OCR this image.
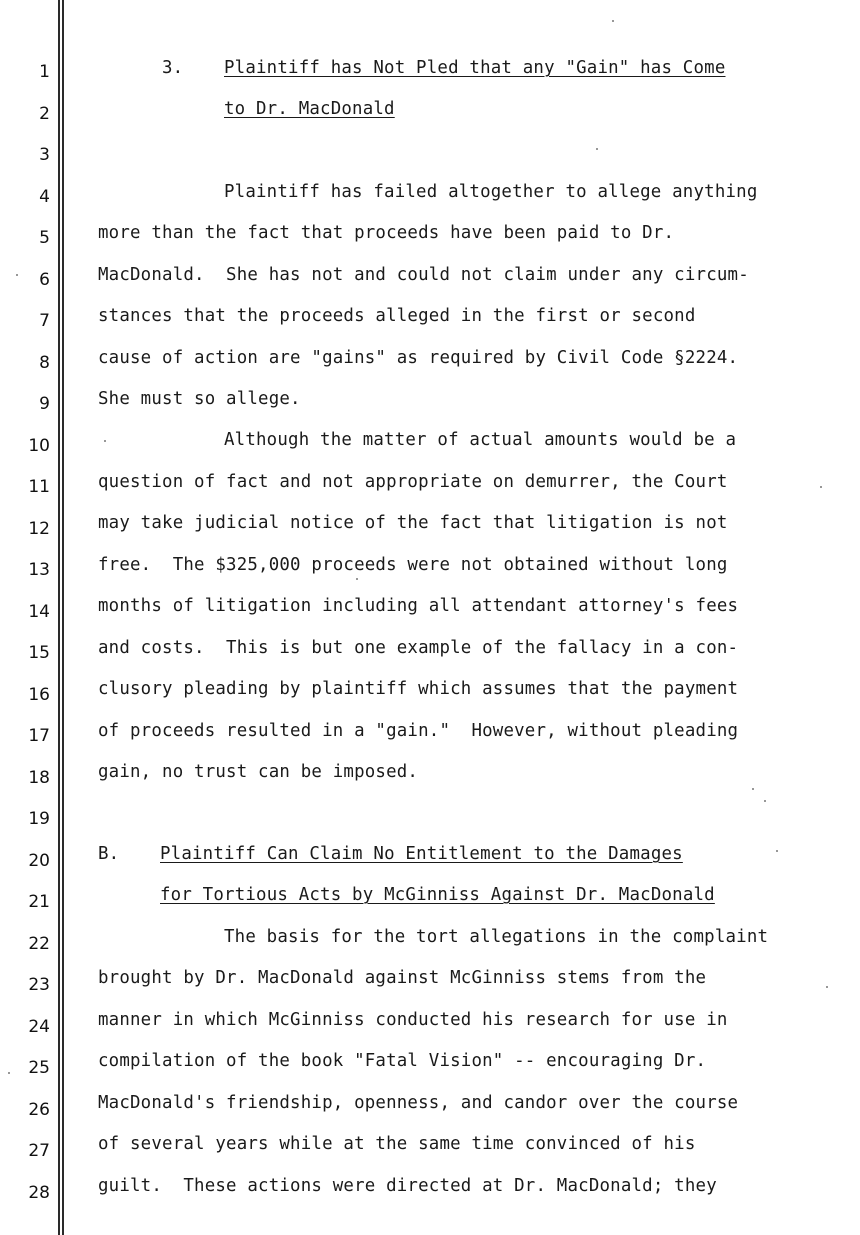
1
2
3
4
5
6
7
8
9
10
11
12
13
14
15
16
17
18
19
20
21
22
23
24
25
26
27
28
3. Plaintiff has Not Pled that any "Gain" has Come
to Dr. MacDonald
Plaintiff has failed altogether to allege anything
more than the fact that proceeds have been paid to Dr.
MacDonald.  She has not and could not claim under any circum-
stances that the proceeds alleged in the first or second
cause of action are "gains" as required by Civil Code §2224.
She must so allege.
Although the matter of actual amounts would be a
question of fact and not appropriate on demurrer, the Court
may take judicial notice of the fact that litigation is not
free.  The $325,000 proceeds were not obtained without long
months of litigation including all attendant attorney's fees
and costs.  This is but one example of the fallacy in a con-
clusory pleading by plaintiff which assumes that the payment
of proceeds resulted in a "gain."  However, without pleading
gain, no trust can be imposed.
B. Plaintiff Can Claim No Entitlement to the Damages
for Tortious Acts by McGinniss Against Dr. MacDonald
The basis for the tort allegations in the complaint
brought by Dr. MacDonald against McGinniss stems from the
manner in which McGinniss conducted his research for use in
compilation of the book "Fatal Vision" -- encouraging Dr.
MacDonald's friendship, openness, and candor over the course
of several years while at the same time convinced of his
guilt.  These actions were directed at Dr. MacDonald; they
